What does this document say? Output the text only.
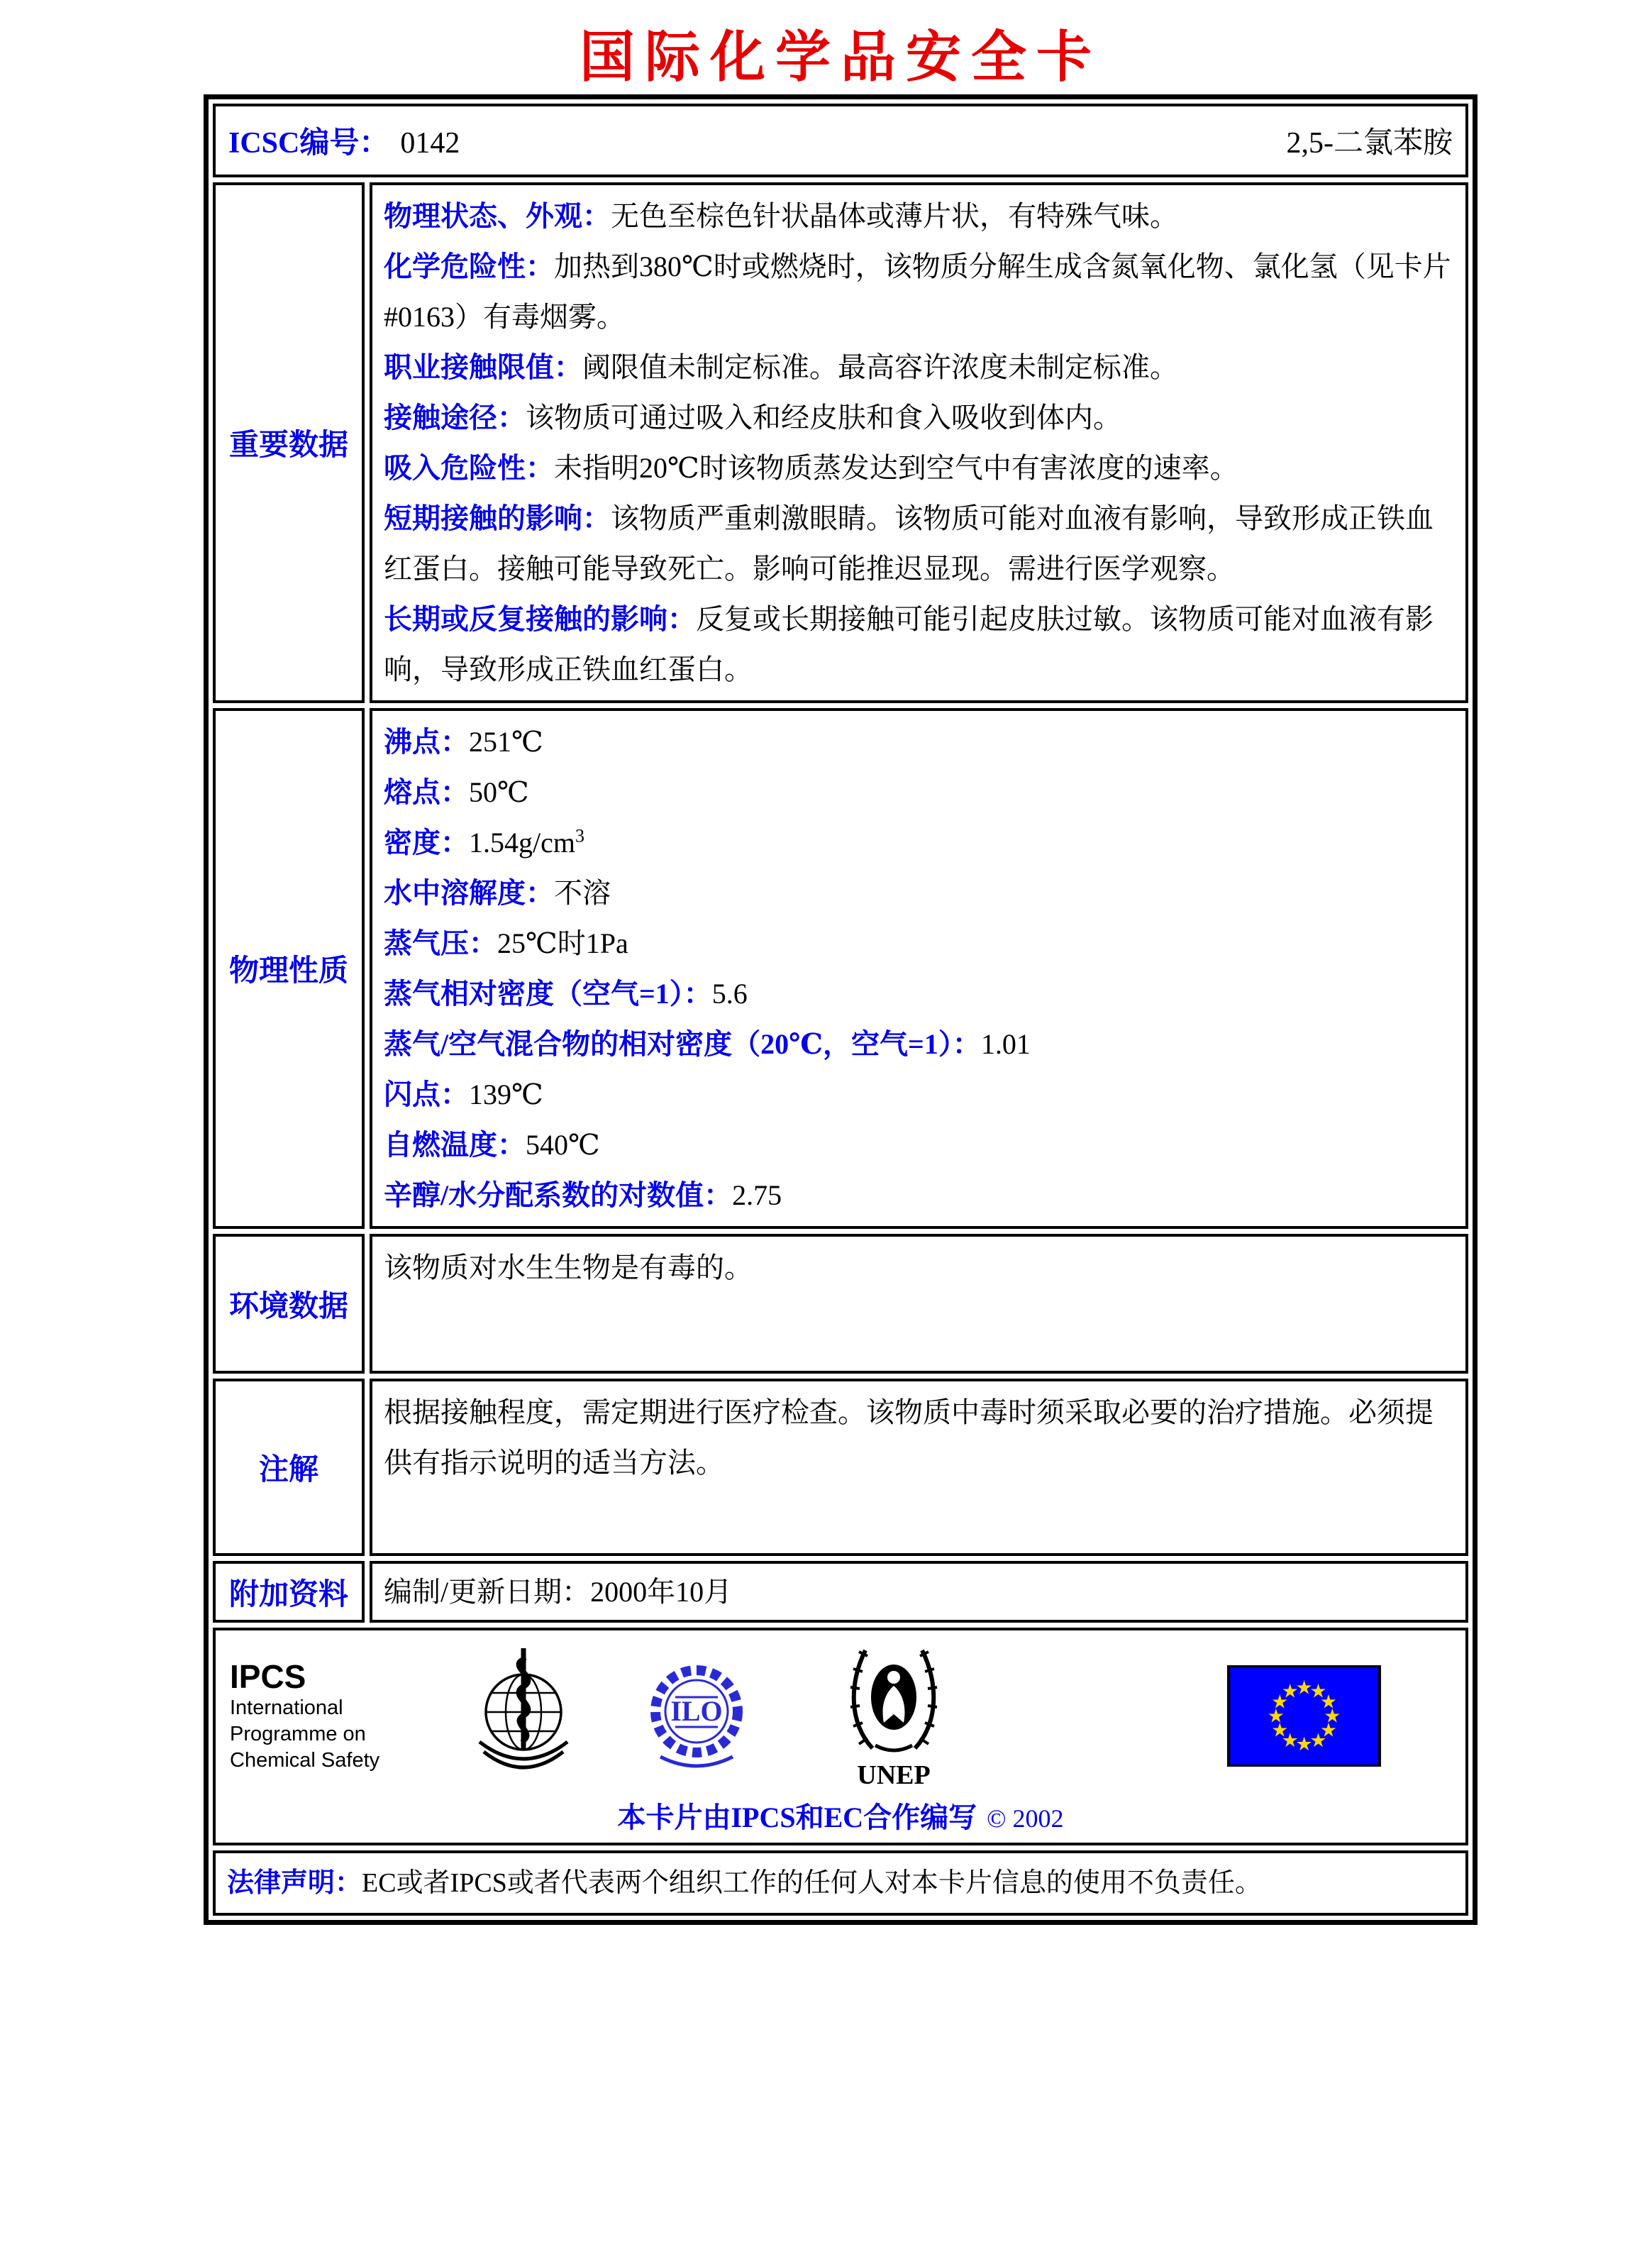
国际化学品安全卡
ICSC编号： 0142	2,5-二氯苯胺
重要数据
物理状态、外观：无色至棕色针状晶体或薄片状，有特殊气味。
化学危险性：加热到380℃时或燃烧时，该物质分解生成含氮氧化物、氯化氢（见卡片#0163）有毒烟雾。
职业接触限值：阈限值未制定标准。最高容许浓度未制定标准。
接触途径：该物质可通过吸入和经皮肤和食入吸收到体内。
吸入危险性：未指明20℃时该物质蒸发达到空气中有害浓度的速率。
短期接触的影响：该物质严重刺激眼睛。该物质可能对血液有影响，导致形成正铁血红蛋白。接触可能导致死亡。影响可能推迟显现。需进行医学观察。
长期或反复接触的影响：反复或长期接触可能引起皮肤过敏。该物质可能对血液有影响，导致形成正铁血红蛋白。
物理性质
沸点：251℃
熔点：50℃
密度：$1.54g/cm^3$
水中溶解度：不溶
蒸气压：25℃时1Pa
蒸气相对密度（空气=1）：5.6
蒸气/空气混合物的相对密度（20℃，空气=1）：1.01
闪点：139℃
自燃温度：540℃
辛醇/水分配系数的对数值：2.75
环境数据
该物质对水生生物是有毒的。
注解
根据接触程度，需定期进行医疗检查。该物质中毒时须采取必要的治疗措施。必须提供有指示说明的适当方法。
附加资料	编制/更新日期：2000年10月
IPCS
International
Programme on
Chemical Safety
ILO
UNEP
★
★
★
★
★
★
★
★
★
★
★
★
本卡片由IPCS和EC合作编写 © 2002
法律声明： EC或者IPCS或者代表两个组织工作的任何人对本卡片信息的使用不负责任。
